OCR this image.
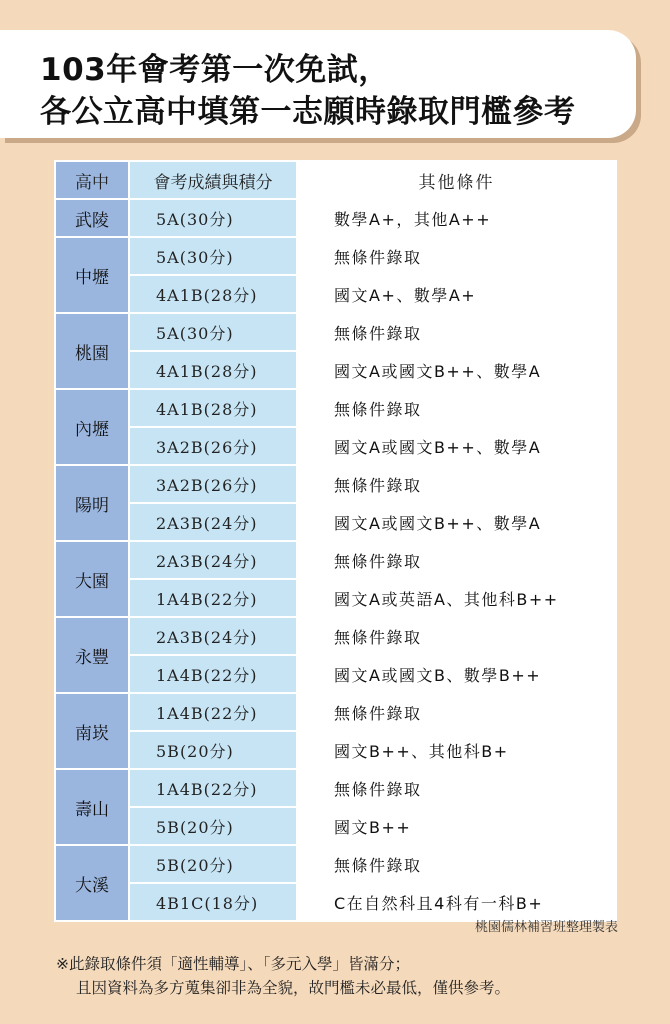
103年會考第一次免試，
各公立高中填第一志願時錄取門檻參考
高中	會考成績與積分	其他條件
武陵	5A(30分)	數學A+，其他A++
中壢	5A(30分)	無條件錄取
	4A1B(28分)	國文A+、數學A+
桃園	5A(30分)	無條件錄取
	4A1B(28分)	國文A或國文B++、數學A
內壢	4A1B(28分)	無條件錄取
	3A2B(26分)	國文A或國文B++、數學A
陽明	3A2B(26分)	無條件錄取
	2A3B(24分)	國文A或國文B++、數學A
大園	2A3B(24分)	無條件錄取
	1A4B(22分)	國文A或英語A、其他科B++
永豐	2A3B(24分)	無條件錄取
	1A4B(22分)	國文A或國文B、數學B++
南崁	1A4B(22分)	無條件錄取
	5B(20分)	國文B++、其他科B+
壽山	1A4B(22分)	無條件錄取
	5B(20分)	國文B++
大溪	5B(20分)	無條件錄取
	4B1C(18分)	C在自然科且4科有一科B+
桃園儒林補習班整理製表
※此錄取條件須「適性輔導」、「多元入學」皆滿分；
且因資料為多方蒐集卻非為全貌，故門檻未必最低，僅供參考。
